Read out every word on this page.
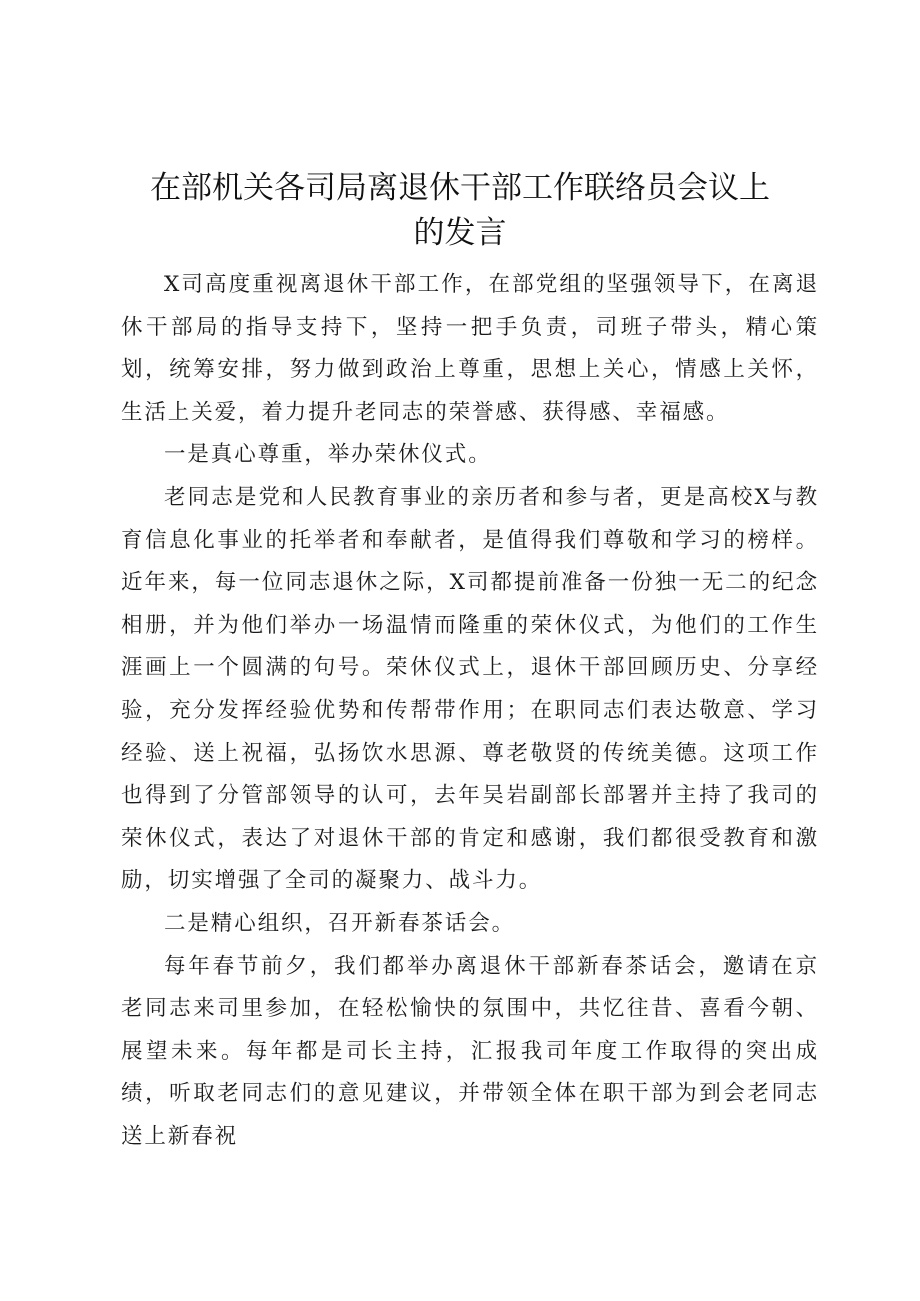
在部机关各司局离退休干部工作联络员会议上
的发言

X司高度重视离退休干部工作，在部党组的坚强领导下，在离退休干部局的指导支持下，坚持一把手负责，司班子带头，精心策划，统筹安排，努力做到政治上尊重，思想上关心，情感上关怀，生活上关爱，着力提升老同志的荣誉感、获得感、幸福感。

一是真心尊重，举办荣休仪式。

老同志是党和人民教育事业的亲历者和参与者，更是高校X与教育信息化事业的托举者和奉献者，是值得我们尊敬和学习的榜样。近年来，每一位同志退休之际，X司都提前准备一份独一无二的纪念相册，并为他们举办一场温情而隆重的荣休仪式，为他们的工作生涯画上一个圆满的句号。荣休仪式上，退休干部回顾历史、分享经验，充分发挥经验优势和传帮带作用；在职同志们表达敬意、学习经验、送上祝福，弘扬饮水思源、尊老敬贤的传统美德。这项工作也得到了分管部领导的认可，去年吴岩副部长部署并主持了我司的荣休仪式，表达了对退休干部的肯定和感谢，我们都很受教育和激励，切实增强了全司的凝聚力、战斗力。

二是精心组织，召开新春茶话会。

每年春节前夕，我们都举办离退休干部新春茶话会，邀请在京老同志来司里参加，在轻松愉快的氛围中，共忆往昔、喜看今朝、展望未来。每年都是司长主持，汇报我司年度工作取得的突出成绩，听取老同志们的意见建议，并带领全体在职干部为到会老同志送上新春祝
